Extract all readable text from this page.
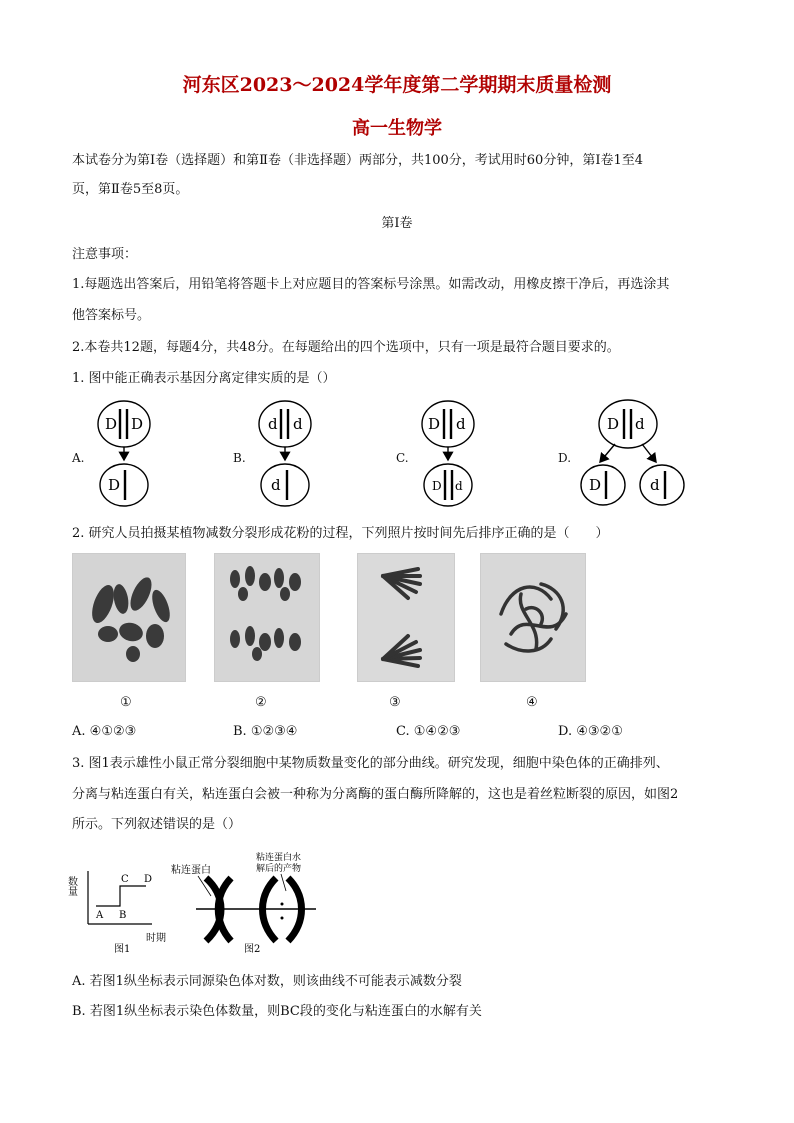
河东区2023～2024学年度第二学期期末质量检测
高一生物学
本试卷分为第Ⅰ卷（选择题）和第Ⅱ卷（非选择题）两部分，共100分，考试用时60分钟，第Ⅰ卷1至4
页，第Ⅱ卷5至8页。
第Ⅰ卷
注意事项：
1.每题选出答案后，用铅笔将答题卡上对应题目的答案标号涂黑。如需改动，用橡皮擦干净后，再选涂其
他答案标号。
2.本卷共12题，每题4分，共48分。在每题给出的四个选项中，只有一项是最符合题目要求的。
1. 图中能正确表示基因分离定律实质的是（）
A.	B.	C.	D.
D D
D
d d
d
D d
D d
D d
D	d
2. 研究人员拍摄某植物减数分裂形成花粉的过程，下列照片按时间先后排序正确的是（　　）
①	②	③	④
A. ④①②③	B. ①②③④	C. ①④②③	D. ④③②①
3. 图1表示雄性小鼠正常分裂细胞中某物质数量变化的部分曲线。研究发现，细胞中染色体的正确排列、
分离与粘连蛋白有关，粘连蛋白会被一种称为分离酶的蛋白酶所降解的，这也是着丝粒断裂的原因，如图2
所示。下列叙述错误的是（）
数量
时期
A B
C D
图1
粘连蛋白
粘连蛋白水
解后的产物
图2
A. 若图1纵坐标表示同源染色体对数，则该曲线不可能表示减数分裂
B. 若图1纵坐标表示染色体数量，则BC段的变化与粘连蛋白的水解有关
